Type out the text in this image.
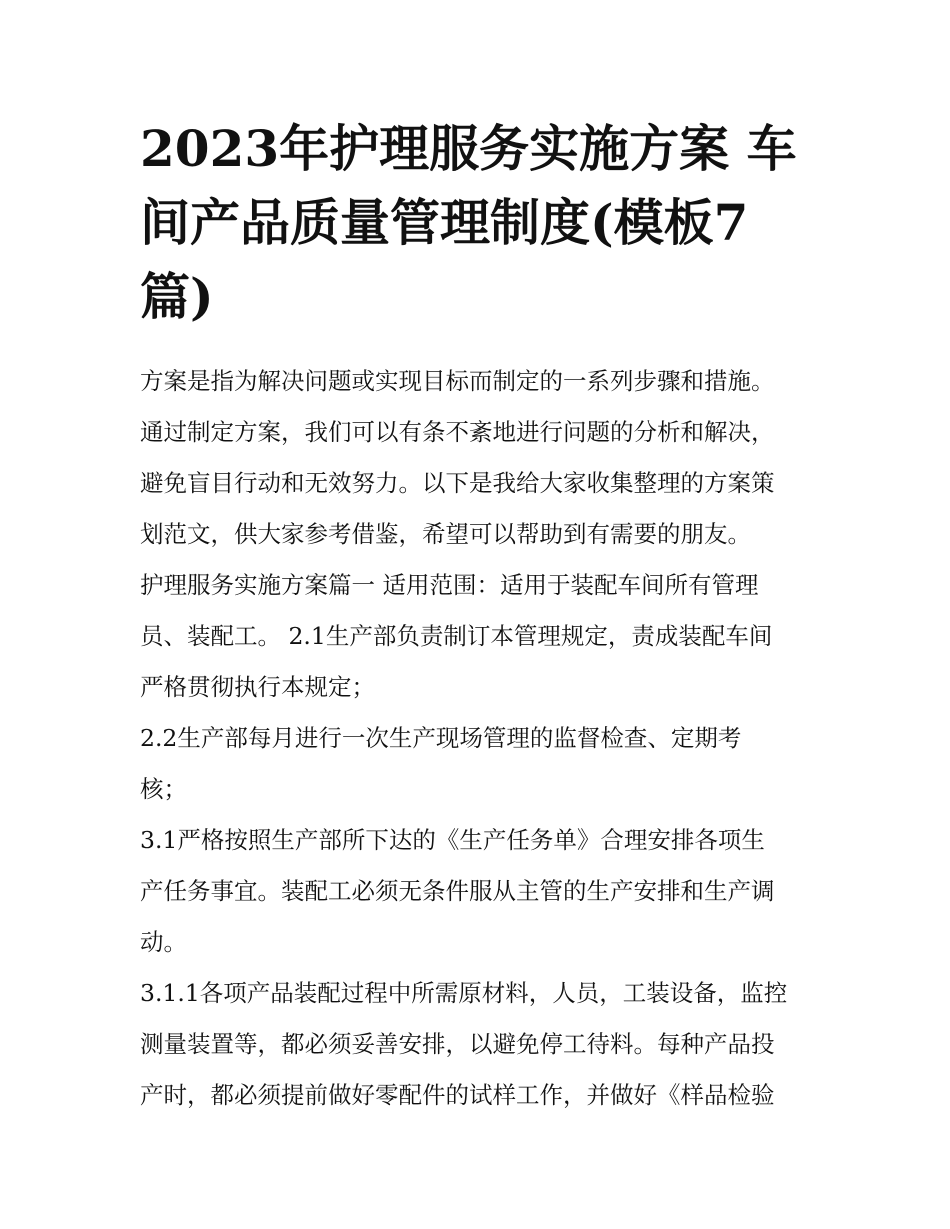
2023年护理服务实施方案 车
间产品质量管理制度(模板7
篇)

方案是指为解决问题或实现目标而制定的一系列步骤和措施。
通过制定方案，我们可以有条不紊地进行问题的分析和解决，
避免盲目行动和无效努力。以下是我给大家收集整理的方案策
划范文，供大家参考借鉴，希望可以帮助到有需要的朋友。

护理服务实施方案篇一 适用范围：适用于装配车间所有管理
员、装配工。 2.1生产部负责制订本管理规定，责成装配车间
严格贯彻执行本规定；

2.2生产部每月进行一次生产现场管理的监督检查、定期考
核；

3.1严格按照生产部所下达的《生产任务单》合理安排各项生
产任务事宜。装配工必须无条件服从主管的生产安排和生产调
动。

3.1.1各项产品装配过程中所需原材料，人员，工装设备，监控
测量装置等，都必须妥善安排，以避免停工待料。每种产品投
产时，都必须提前做好零配件的试样工作，并做好《样品检验
